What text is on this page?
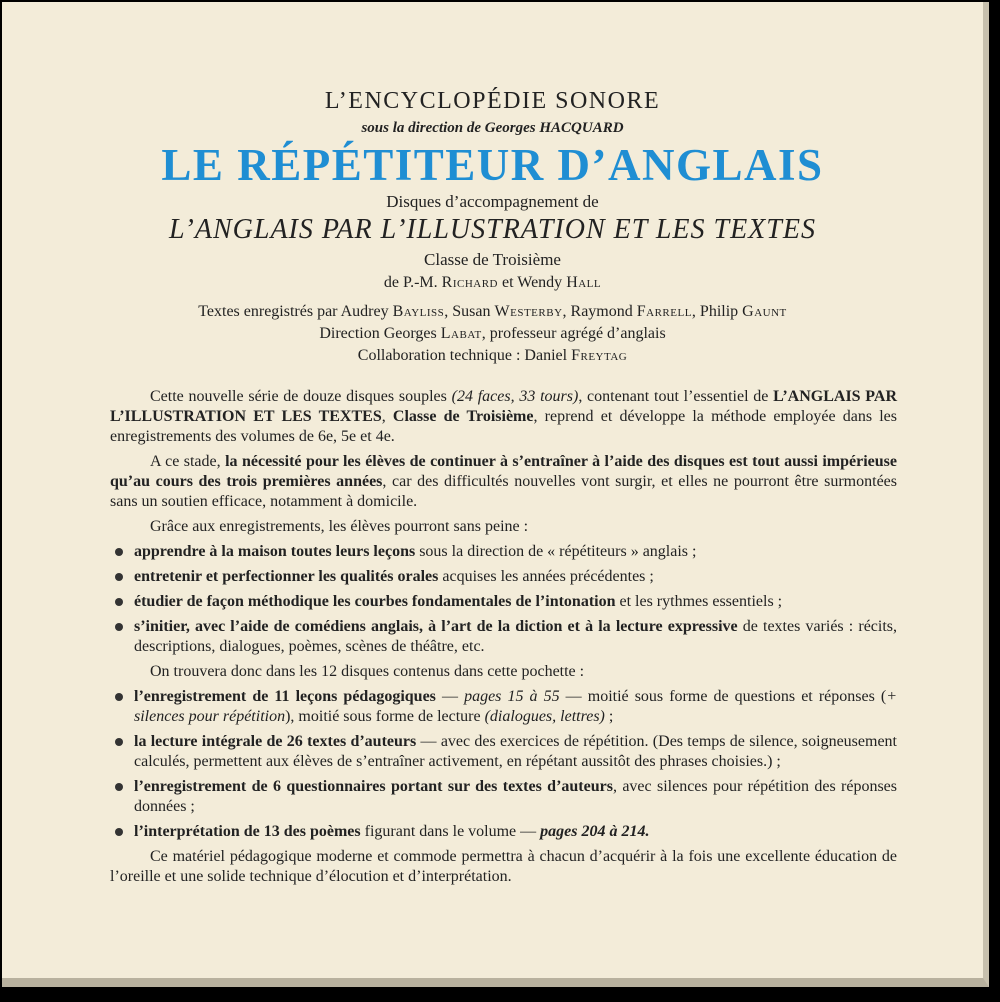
L’ENCYCLOPÉDIE SONORE
sous la direction de Georges HACQUARD
LE RÉPÉTITEUR D’ANGLAIS
Disques d’accompagnement de
L’ANGLAIS PAR L’ILLUSTRATION ET LES TEXTES
Classe de Troisième
de P.-M. Richard et Wendy Hall
Textes enregistrés par Audrey Bayliss, Susan Westerby, Raymond Farrell, Philip Gaunt
Direction Georges Labat, professeur agrégé d’anglais
Collaboration technique : Daniel Freytag

Cette nouvelle série de douze disques souples (24 faces, 33 tours), contenant tout l’essentiel de L’ANGLAIS PAR L’ILLUSTRATION ET LES TEXTES, Classe de Troisième, reprend et développe la méthode employée dans les enregistrements des volumes de 6e, 5e et 4e.

A ce stade, la nécessité pour les élèves de continuer à s’entraîner à l’aide des disques est tout aussi impérieuse qu’au cours des trois premières années, car des difficultés nouvelles vont surgir, et elles ne pourront être surmontées sans un soutien efficace, notamment à domicile.

Grâce aux enregistrements, les élèves pourront sans peine :

apprendre à la maison toutes leurs leçons sous la direction de « répétiteurs » anglais ;
entretenir et perfectionner les qualités orales acquises les années précédentes ;
étudier de façon méthodique les courbes fondamentales de l’intonation et les rythmes essentiels ;
s’initier, avec l’aide de comédiens anglais, à l’art de la diction et à la lecture expressive de textes variés : récits, descriptions, dialogues, poèmes, scènes de théâtre, etc.

On trouvera donc dans les 12 disques contenus dans cette pochette :

l’enregistrement de 11 leçons pédagogiques — pages 15 à 55 — moitié sous forme de questions et réponses (+ silences pour répétition), moitié sous forme de lecture (dialogues, lettres) ;
la lecture intégrale de 26 textes d’auteurs — avec des exercices de répétition. (Des temps de silence, soigneusement calculés, permettent aux élèves de s’entraîner activement, en répétant aussitôt des phrases choisies.) ;
l’enregistrement de 6 questionnaires portant sur des textes d’auteurs, avec silences pour répétition des réponses données ;
l’interprétation de 13 des poèmes figurant dans le volume — pages 204 à 214.

Ce matériel pédagogique moderne et commode permettra à chacun d’acquérir à la fois une excellente éducation de l’oreille et une solide technique d’élocution et d’interprétation.
